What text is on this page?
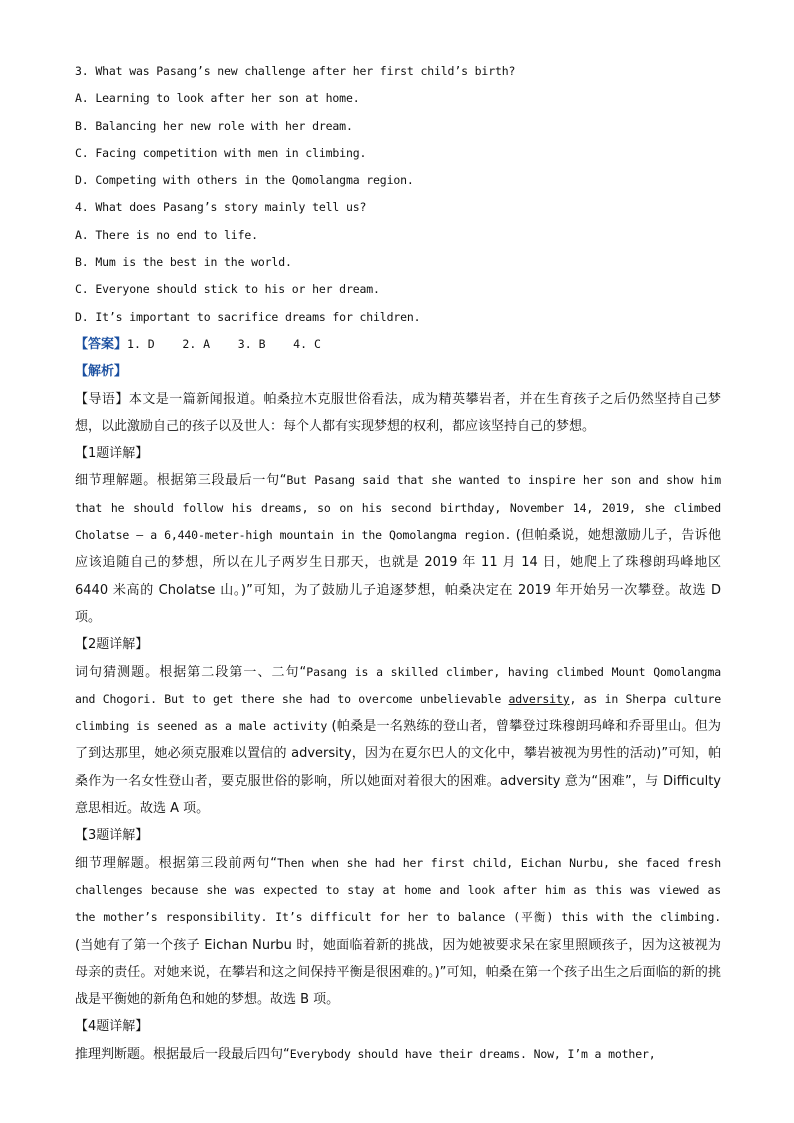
3. What was Pasang’s new challenge after her first child’s birth?
A. Learning to look after her son at home.
B. Balancing her new role with her dream.
C. Facing competition with men in climbing.
D. Competing with others in the Qomolangma region.
4. What does Pasang’s story mainly tell us?
A. There is no end to life.
B. Mum is the best in the world.
C. Everyone should stick to his or her dream.
D. It’s important to sacrifice dreams for children.
【答案】1. D    2. A    3. B    4. C
【解析】
【导语】本文是一篇新闻报道。帕桑拉木克服世俗看法，成为精英攀岩者，并在生育孩子之后仍然坚持自己梦想，以此激励自己的孩子以及世人：每个人都有实现梦想的权利，都应该坚持自己的梦想。
【1题详解】
细节理解题。根据第三段最后一句“But Pasang said that she wanted to inspire her son and show him that he should follow his dreams, so on his second birthday, November 14, 2019, she climbed Cholatse — a 6,440-meter-high mountain in the Qomolangma region. (但帕桑说，她想激励儿子，告诉他应该追随自己的梦想，所以在儿子两岁生日那天，也就是 2019 年 11 月 14 日，她爬上了珠穆朗玛峰地区 6440 米高的 Cholatse 山。)”可知，为了鼓励儿子追逐梦想，帕桑决定在 2019 年开始另一次攀登。故选 D 项。
【2题详解】
词句猜测题。根据第二段第一、二句“Pasang is a skilled climber, having climbed Mount Qomolangma and Chogori. But to get there she had to overcome unbelievable adversity, as in Sherpa culture climbing is seened as a male activity (帕桑是一名熟练的登山者，曾攀登过珠穆朗玛峰和乔哥里山。但为了到达那里，她必须克服难以置信的 adversity，因为在夏尔巴人的文化中，攀岩被视为男性的活动)”可知，帕桑作为一名女性登山者，要克服世俗的影响，所以她面对着很大的困难。adversity 意为“困难”，与 Difficulty 意思相近。故选 A 项。
【3题详解】
细节理解题。根据第三段前两句“Then when she had her first child, Eichan Nurbu, she faced fresh challenges because she was expected to stay at home and look after him as this was viewed as the mother’s responsibility. It’s difficult for her to balance (平衡) this with the climbing. (当她有了第一个孩子 Eichan Nurbu 时，她面临着新的挑战，因为她被要求呆在家里照顾孩子，因为这被视为母亲的责任。对她来说，在攀岩和这之间保持平衡是很困难的。)”可知，帕桑在第一个孩子出生之后面临的新的挑战是平衡她的新角色和她的梦想。故选 B 项。
【4题详解】
推理判断题。根据最后一段最后四句“Everybody should have their dreams. Now, I’m a mother,
